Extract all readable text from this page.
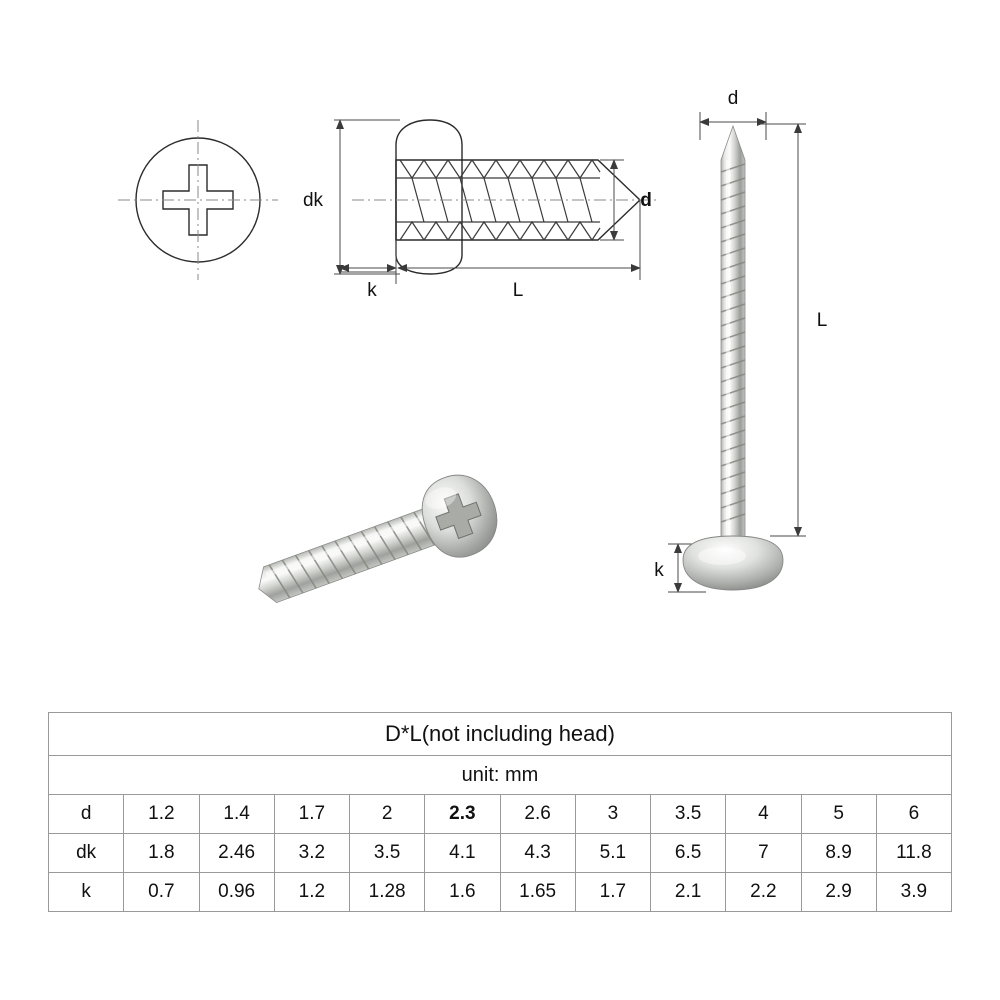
dk	d
k	L
d
L
k
D*L(not including head)											
unit: mm											
d	1.2	1.4	1.7	2	2.3	2.6	3	3.5	4	5	6
dk	1.8	2.46	3.2	3.5	4.1	4.3	5.1	6.5	7	8.9	11.8
k	0.7	0.96	1.2	1.28	1.6	1.65	1.7	2.1	2.2	2.9	3.9
